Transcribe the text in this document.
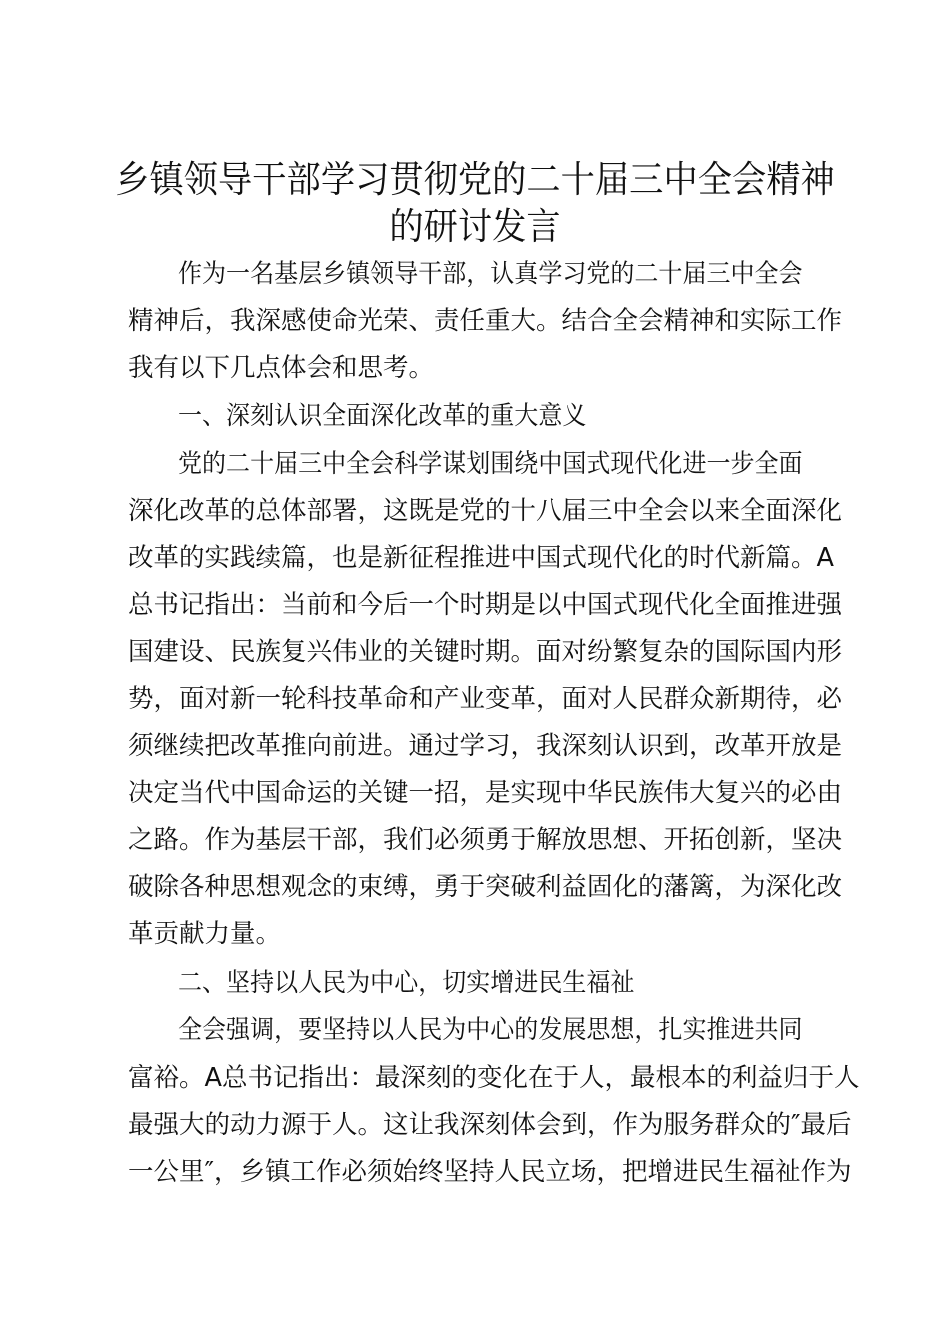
乡镇领导干部学习贯彻党的二十届三中全会精神
的研讨发言
作为一名基层乡镇领导干部，认真学习党的二十届三中全会
精神后，我深感使命光荣、责任重大。结合全会精神和实际工作
我有以下几点体会和思考。
一、深刻认识全面深化改革的重大意义
党的二十届三中全会科学谋划围绕中国式现代化进一步全面
深化改革的总体部署，这既是党的十八届三中全会以来全面深化
改革的实践续篇，也是新征程推进中国式现代化的时代新篇。A
总书记指出：当前和今后一个时期是以中国式现代化全面推进强
国建设、民族复兴伟业的关键时期。面对纷繁复杂的国际国内形
势，面对新一轮科技革命和产业变革，面对人民群众新期待，必
须继续把改革推向前进。通过学习，我深刻认识到，改革开放是
决定当代中国命运的关键一招，是实现中华民族伟大复兴的必由
之路。作为基层干部，我们必须勇于解放思想、开拓创新，坚决
破除各种思想观念的束缚，勇于突破利益固化的藩篱，为深化改
革贡献力量。
二、坚持以人民为中心，切实增进民生福祉
全会强调，要坚持以人民为中心的发展思想，扎实推进共同
富裕。A总书记指出：最深刻的变化在于人，最根本的利益归于人
最强大的动力源于人。这让我深刻体会到，作为服务群众的″最后
一公里″，乡镇工作必须始终坚持人民立场，把增进民生福祉作为
